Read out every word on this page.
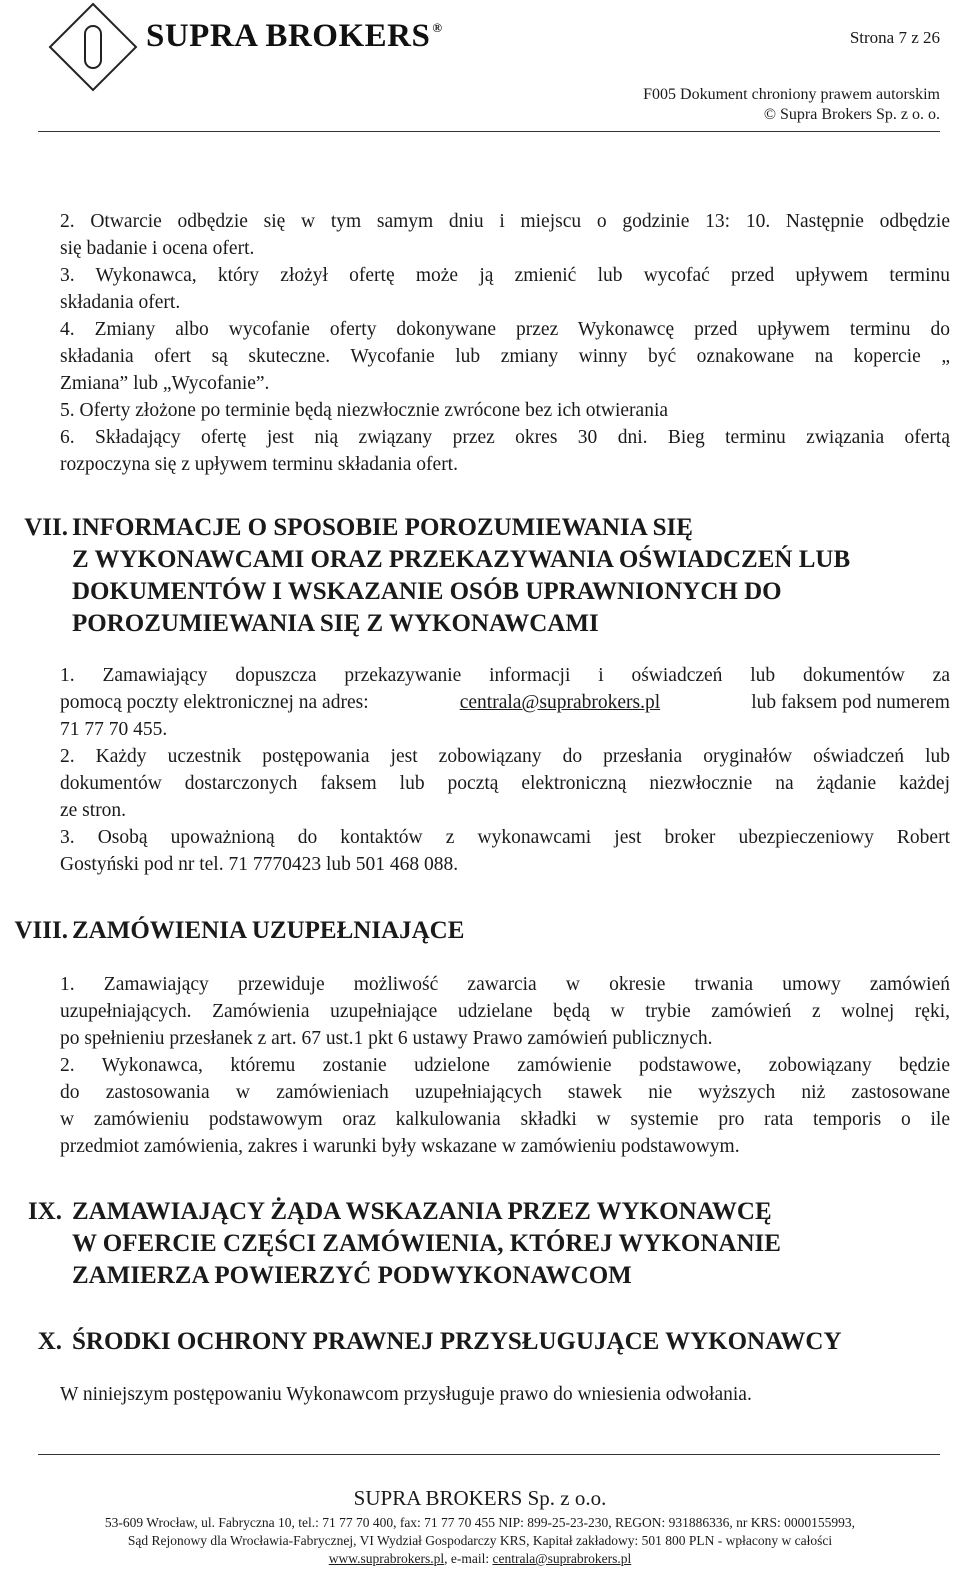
SUPRA BROKERS ®
Strona 7 z 26
F005 Dokument chroniony prawem autorskim
© Supra Brokers Sp. z o. o.
2. Otwarcie odbędzie się w tym samym dniu i miejscu o godzinie 13: 10. Następnie odbędzie
się badanie i ocena ofert.
3. Wykonawca, który złożył ofertę może ją zmienić lub wycofać przed upływem terminu
składania ofert.
4. Zmiany albo wycofanie oferty dokonywane przez Wykonawcę przed upływem terminu do
składania ofert są skuteczne. Wycofanie lub zmiany winny być oznakowane na kopercie „
Zmiana” lub „Wycofanie”.
5. Oferty złożone po terminie będą niezwłocznie zwrócone bez ich otwierania
6. Składający ofertę jest nią związany przez okres 30 dni. Bieg terminu związania ofertą
rozpoczyna się z upływem terminu składania ofert.
VII. INFORMACJE O SPOSOBIE POROZUMIEWANIA SIĘ
Z WYKONAWCAMI ORAZ PRZEKAZYWANIA OŚWIADCZEŃ LUB
DOKUMENTÓW I WSKAZANIE OSÓB UPRAWNIONYCH DO
POROZUMIEWANIA SIĘ Z WYKONAWCAMI
1. Zamawiający dopuszcza przekazywanie informacji i oświadczeń lub dokumentów za
pomocą poczty elektronicznej na adres:	centrala@suprabrokers.pl	lub faksem pod numerem
71 77 70 455.
2. Każdy uczestnik postępowania jest zobowiązany do przesłania oryginałów oświadczeń lub
dokumentów dostarczonych faksem lub pocztą elektroniczną niezwłocznie na żądanie każdej
ze stron.
3. Osobą upoważnioną do kontaktów z wykonawcami jest broker ubezpieczeniowy Robert
Gostyński pod nr tel. 71 7770423 lub 501 468 088.
VIII. ZAMÓWIENIA UZUPEŁNIAJĄCE
1. Zamawiający przewiduje możliwość zawarcia w okresie trwania umowy zamówień
uzupełniających. Zamówienia uzupełniające udzielane będą w trybie zamówień z wolnej ręki,
po spełnieniu przesłanek z art. 67 ust.1 pkt 6 ustawy Prawo zamówień publicznych.
2. Wykonawca, któremu zostanie udzielone zamówienie podstawowe, zobowiązany będzie
do zastosowania w zamówieniach uzupełniających stawek nie wyższych niż zastosowane
w zamówieniu podstawowym oraz kalkulowania składki w systemie pro rata temporis o ile
przedmiot zamówienia, zakres i warunki były wskazane w zamówieniu podstawowym.
IX. ZAMAWIAJĄCY ŻĄDA WSKAZANIA PRZEZ WYKONAWCĘ
W OFERCIE CZĘŚCI ZAMÓWIENIA, KTÓREJ WYKONANIE
ZAMIERZA POWIERZYĆ PODWYKONAWCOM
X. ŚRODKI OCHRONY PRAWNEJ PRZYSŁUGUJĄCE WYKONAWCY
W niniejszym postępowaniu Wykonawcom przysługuje prawo do wniesienia odwołania.
SUPRA BROKERS Sp. z o.o.
53-609 Wrocław, ul. Fabryczna 10, tel.: 71 77 70 400, fax: 71 77 70 455 NIP: 899-25-23-230, REGON: 931886336, nr KRS: 0000155993,
Sąd Rejonowy dla Wrocławia-Fabrycznej, VI Wydział Gospodarczy KRS, Kapitał zakładowy: 501 800 PLN - wpłacony w całości
www.suprabrokers.pl, e-mail: centrala@suprabrokers.pl
